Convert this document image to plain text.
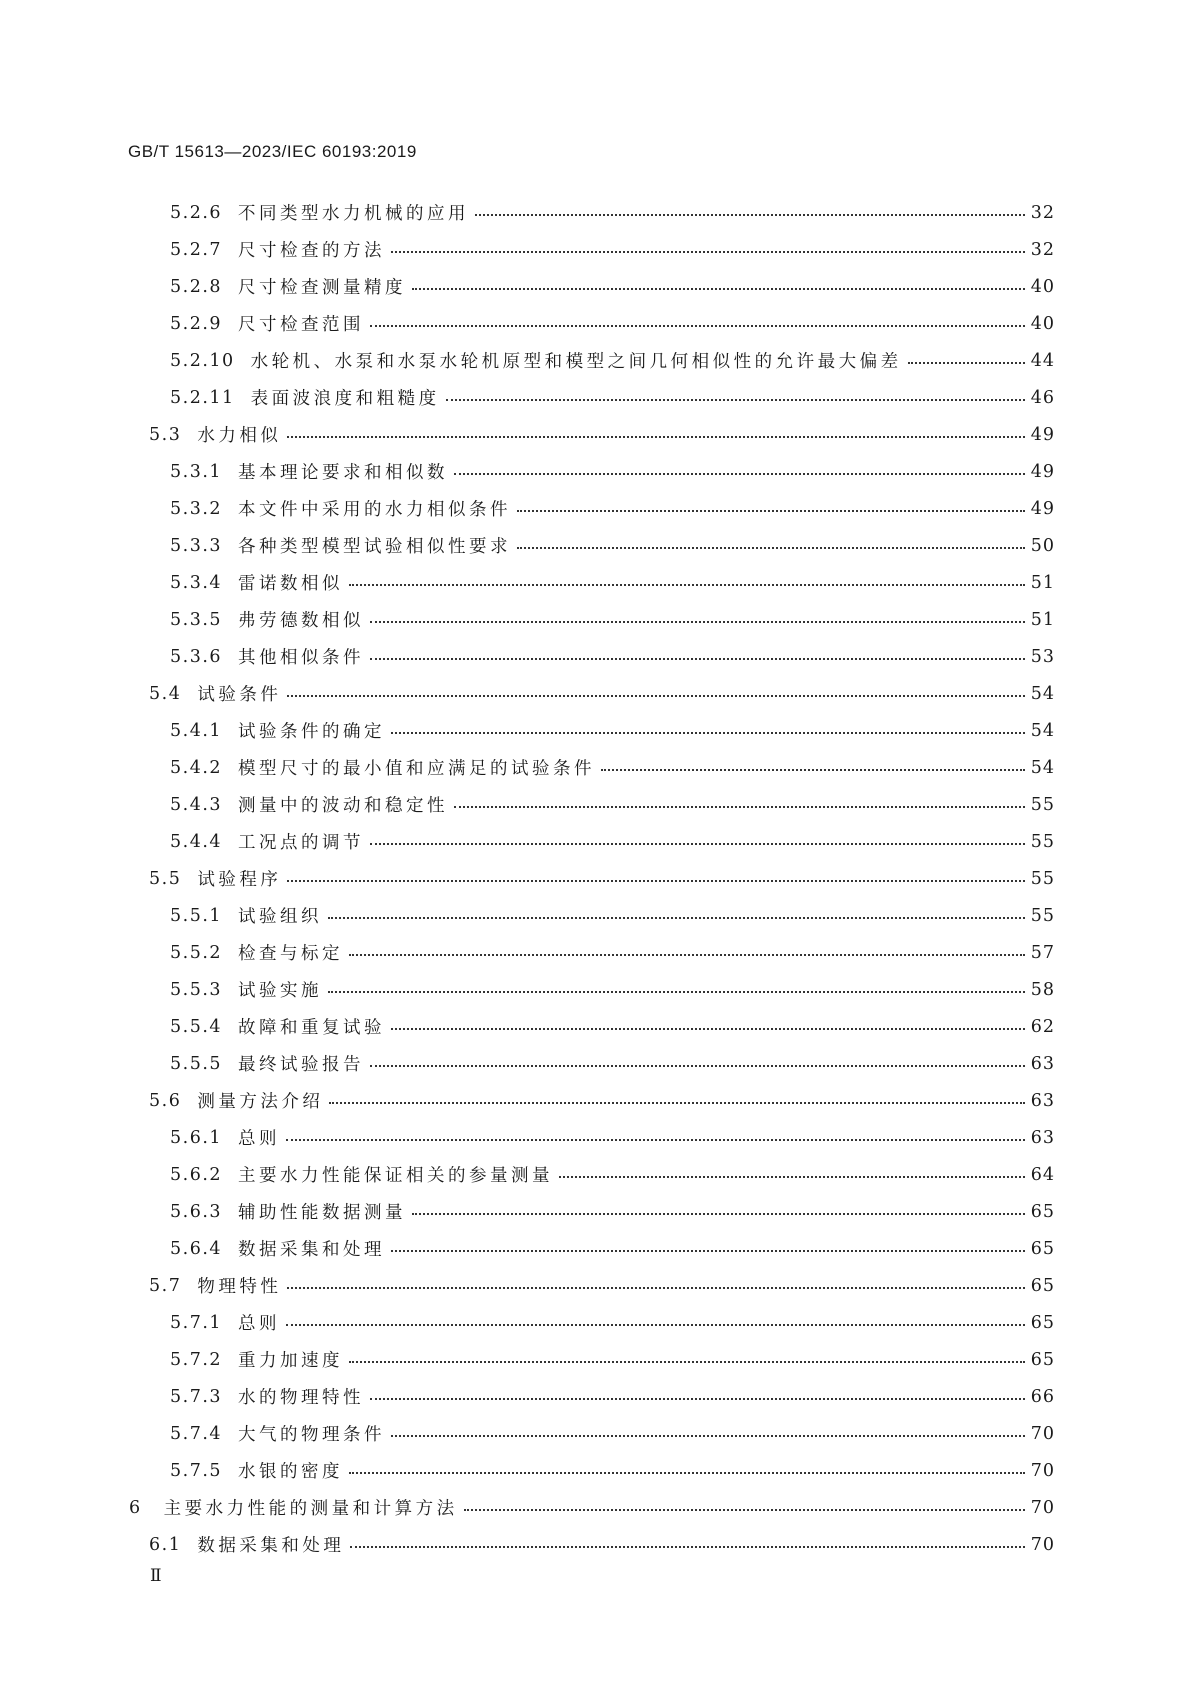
GB/T 15613—2023/IEC 60193:2019
5.2.6 不同类型水力机械的应用	32
5.2.7 尺寸检查的方法	32
5.2.8 尺寸检查测量精度	40
5.2.9 尺寸检查范围	40
5.2.10 水轮机、水泵和水泵水轮机原型和模型之间几何相似性的允许最大偏差	44
5.2.11 表面波浪度和粗糙度	46
5.3 水力相似	49
5.3.1 基本理论要求和相似数	49
5.3.2 本文件中采用的水力相似条件	49
5.3.3 各种类型模型试验相似性要求	50
5.3.4 雷诺数相似	51
5.3.5 弗劳德数相似	51
5.3.6 其他相似条件	53
5.4 试验条件	54
5.4.1 试验条件的确定	54
5.4.2 模型尺寸的最小值和应满足的试验条件	54
5.4.3 测量中的波动和稳定性	55
5.4.4 工况点的调节	55
5.5 试验程序	55
5.5.1 试验组织	55
5.5.2 检查与标定	57
5.5.3 试验实施	58
5.5.4 故障和重复试验	62
5.5.5 最终试验报告	63
5.6 测量方法介绍	63
5.6.1 总则	63
5.6.2 主要水力性能保证相关的参量测量	64
5.6.3 辅助性能数据测量	65
5.6.4 数据采集和处理	65
5.7 物理特性	65
5.7.1 总则	65
5.7.2 重力加速度	65
5.7.3 水的物理特性	66
5.7.4 大气的物理条件	70
5.7.5 水银的密度	70
6 主要水力性能的测量和计算方法	70
6.1 数据采集和处理	70
Ⅱ
